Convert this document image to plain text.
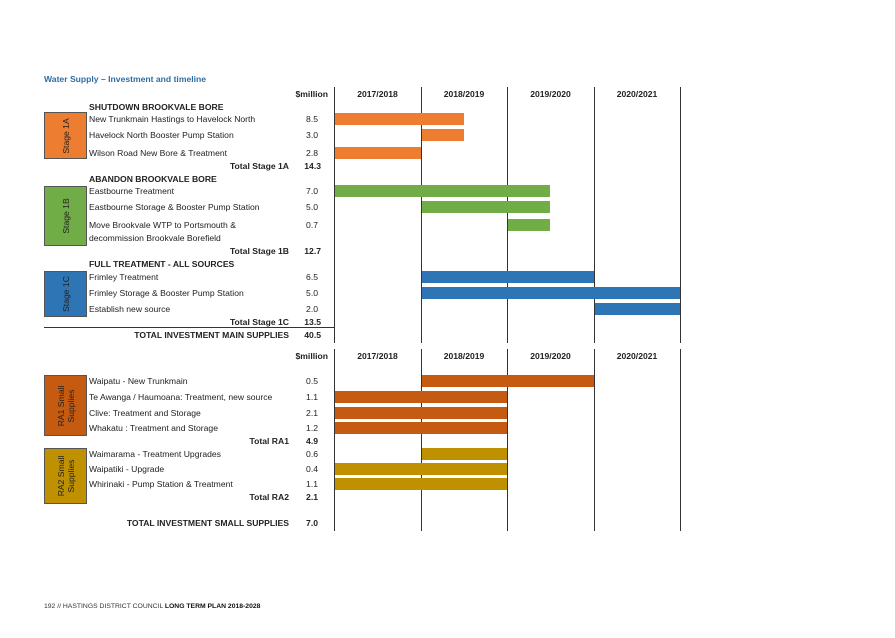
Water Supply – Investment and timeline
$million	2017/2018	2018/2019	2019/2020	2020/2021
Stage 1A
SHUTDOWN BROOKVALE BORE
New Trunkmain Hastings to Havelock North	8.5
Havelock North Booster Pump Station	3.0
Wilson Road New Bore & Treatment	2.8
Total Stage 1A	14.3
Stage 1B
ABANDON BROOKVALE BORE
Eastbourne Treatment	7.0
Eastbourne Storage & Booster Pump Station	5.0
Move Brookvale WTP to Portsmouth &
decommission Brookvale Borefield
0.7
Total Stage 1B	12.7
Stage 1C
FULL TREATMENT - ALL SOURCES
Frimley Treatment	6.5
Frimley Storage & Booster Pump Station	5.0
Establish new source	2.0
Total Stage 1C	13.5
TOTAL INVESTMENT MAIN SUPPLIES	40.5
$million	2017/2018	2018/2019	2019/2020	2020/2021
RA1 Small Supplies
Waipatu - New Trunkmain	0.5
Te Awanga / Haumoana: Treatment, new source	1.1
Clive: Treatment and Storage	2.1
Whakatu : Treatment and Storage	1.2
Total RA1	4.9
RA2 Small Supplies
Waimarama - Treatment Upgrades	0.6
Waipatiki - Upgrade	0.4
Whirinaki - Pump Station & Treatment	1.1
Total RA2	2.1
TOTAL INVESTMENT SMALL SUPPLIES	7.0
192 // HASTINGS DISTRICT COUNCIL LONG TERM PLAN 2018-2028
